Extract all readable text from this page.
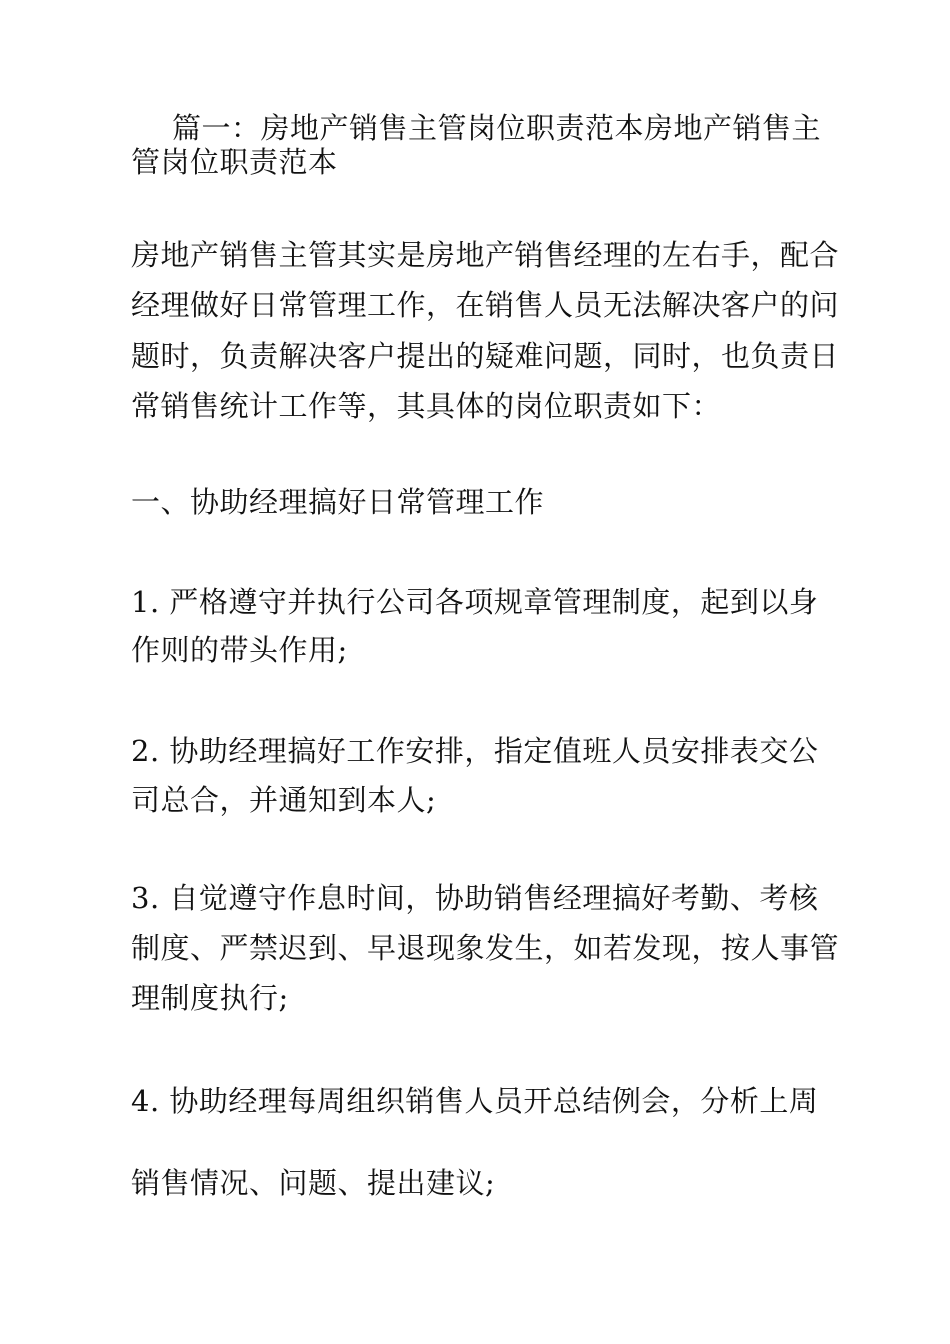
篇一：房地产销售主管岗位职责范本房地产销售主
管岗位职责范本
房地产销售主管其实是房地产销售经理的左右手，配合
经理做好日常管理工作，在销售人员无法解决客户的问
题时，负责解决客户提出的疑难问题，同时，也负责日
常销售统计工作等，其具体的岗位职责如下：
一、协助经理搞好日常管理工作
1. 严格遵守并执行公司各项规章管理制度，起到以身
作则的带头作用;
2. 协助经理搞好工作安排，指定值班人员安排表交公
司总合，并通知到本人;
3. 自觉遵守作息时间，协助销售经理搞好考勤、考核
制度、严禁迟到、早退现象发生，如若发现，按人事管
理制度执行;
4. 协助经理每周组织销售人员开总结例会，分析上周
销售情况、问题、提出建议;
